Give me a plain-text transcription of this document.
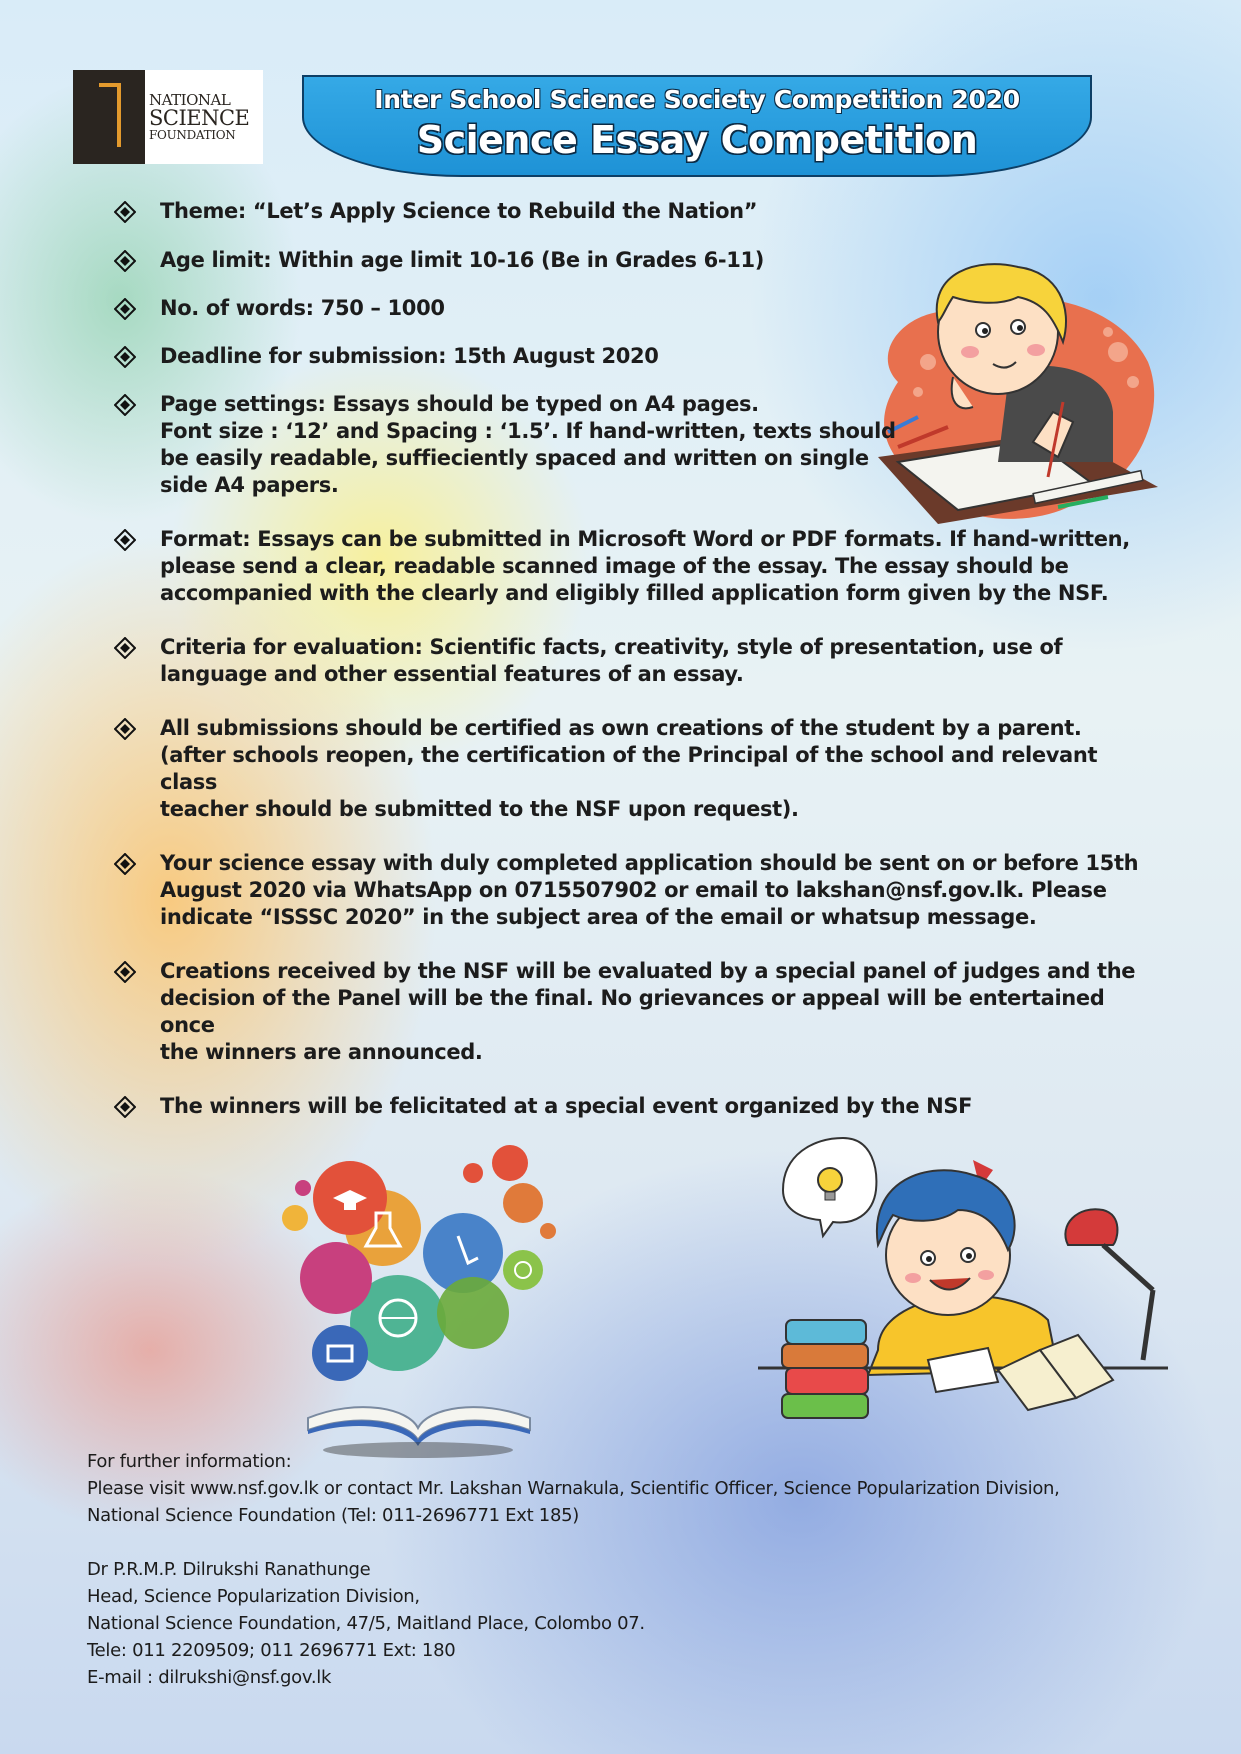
NATIONAL
SCIENCE
FOUNDATION
Inter School Science Society Competition 2020
Science Essay Competition
Theme: “Let’s Apply Science to Rebuild the Nation”
Age limit: Within age limit 10-16 (Be in Grades 6-11)
No. of words: 750 – 1000
Deadline for submission: 15th August 2020
Page settings: Essays should be typed on A4 pages.
Font size : ‘12’ and Spacing : ‘1.5’. If hand-written, texts should
be easily readable, suffieciently spaced and written on single
side A4 papers.
Format: Essays can be submitted in Microsoft Word or PDF formats. If hand-written,
please send a clear, readable scanned image of the essay. The essay should be
accompanied with the clearly and eligibly filled application form given by the NSF.
Criteria for evaluation: Scientific facts, creativity, style of presentation, use of
language and other essential features of an essay.
All submissions should be certified as own creations of the student by a parent.
(after schools reopen, the certification of the Principal of the school and relevant class
teacher should be submitted to the NSF upon request).
Your science essay with duly completed application should be sent on or before 15th
August 2020 via WhatsApp on 0715507902 or email to lakshan@nsf.gov.lk. Please
indicate “ISSSC 2020” in the subject area of the email or whatsup message.
Creations received by the NSF will be evaluated by a special panel of judges and the
decision of the Panel will be the final. No grievances or appeal will be entertained once
the winners are announced.
The winners will be felicitated at a special event organized by the NSF
For further information:
Please visit www.nsf.gov.lk or contact Mr. Lakshan Warnakula, Scientific Officer, Science Popularization Division,
National Science Foundation (Tel: 011-2696771 Ext 185)
Dr P.R.M.P. Dilrukshi Ranathunge
Head, Science Popularization Division,
National Science Foundation, 47/5, Maitland Place, Colombo 07.
Tele: 011 2209509; 011 2696771 Ext: 180
E-mail : dilrukshi@nsf.gov.lk
